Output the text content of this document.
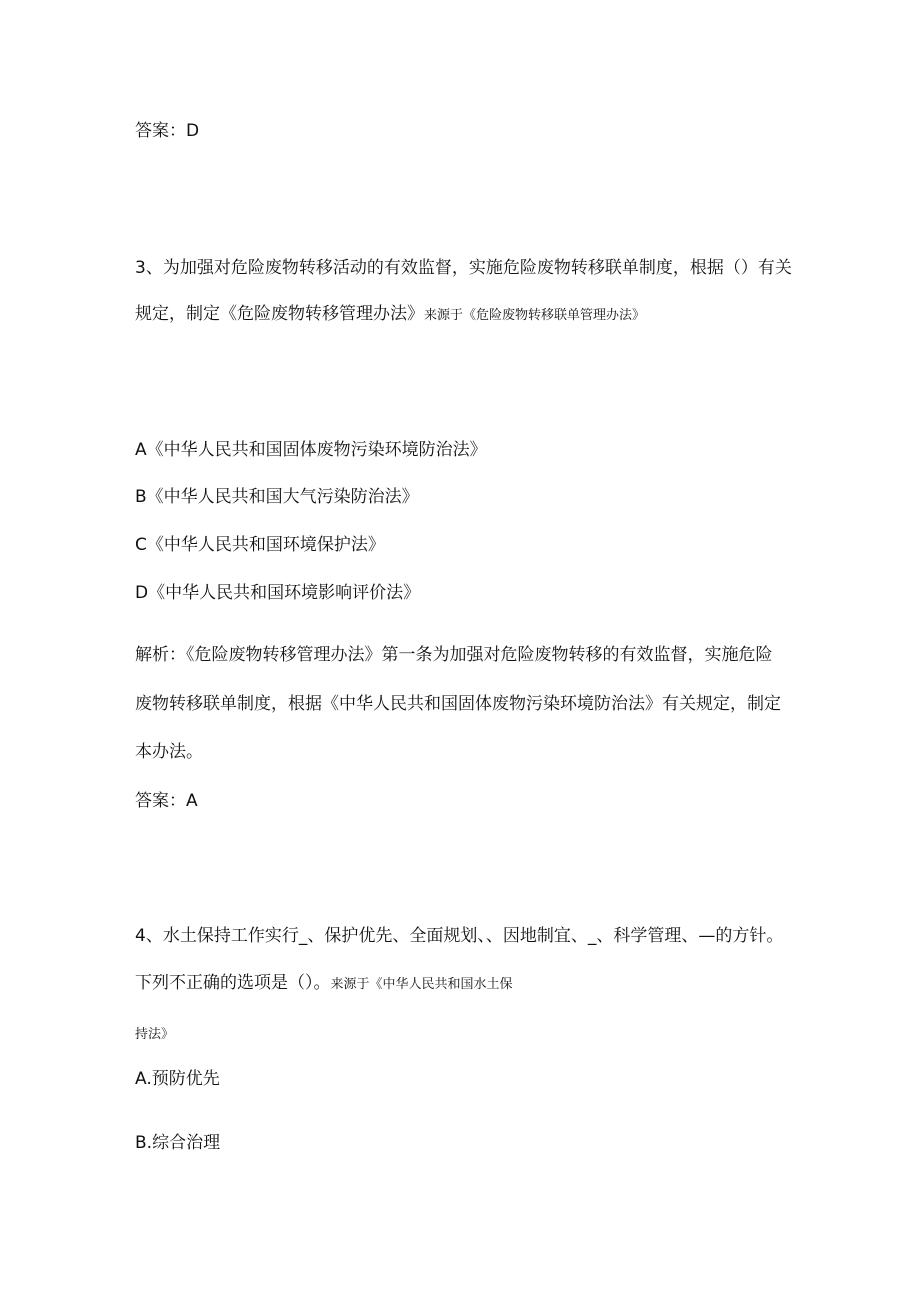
答案：D
3、为加强对危险废物转移活动的有效监督，实施危险废物转移联单制度，根据（）有关
规定，制定《危险废物转移管理办法》来源于《危险废物转移联单管理办法》
A《中华人民共和国固体废物污染环境防治法》
B《中华人民共和国大气污染防治法》
C《中华人民共和国环境保护法》
D《中华人民共和国环境影响评价法》
解析：《危险废物转移管理办法》第一条为加强对危险废物转移的有效监督，实施危险
废物转移联单制度，根据《中华人民共和国固体废物污染环境防治法》有关规定，制定
本办法。
答案：A
4、水土保持工作实行_、保护优先、全面规划、、因地制宜、_、科学管理、—的方针。
下列不正确的选项是（）。来源于《中华人民共和国水土保
持法》
A.预防优先
B.综合治理
